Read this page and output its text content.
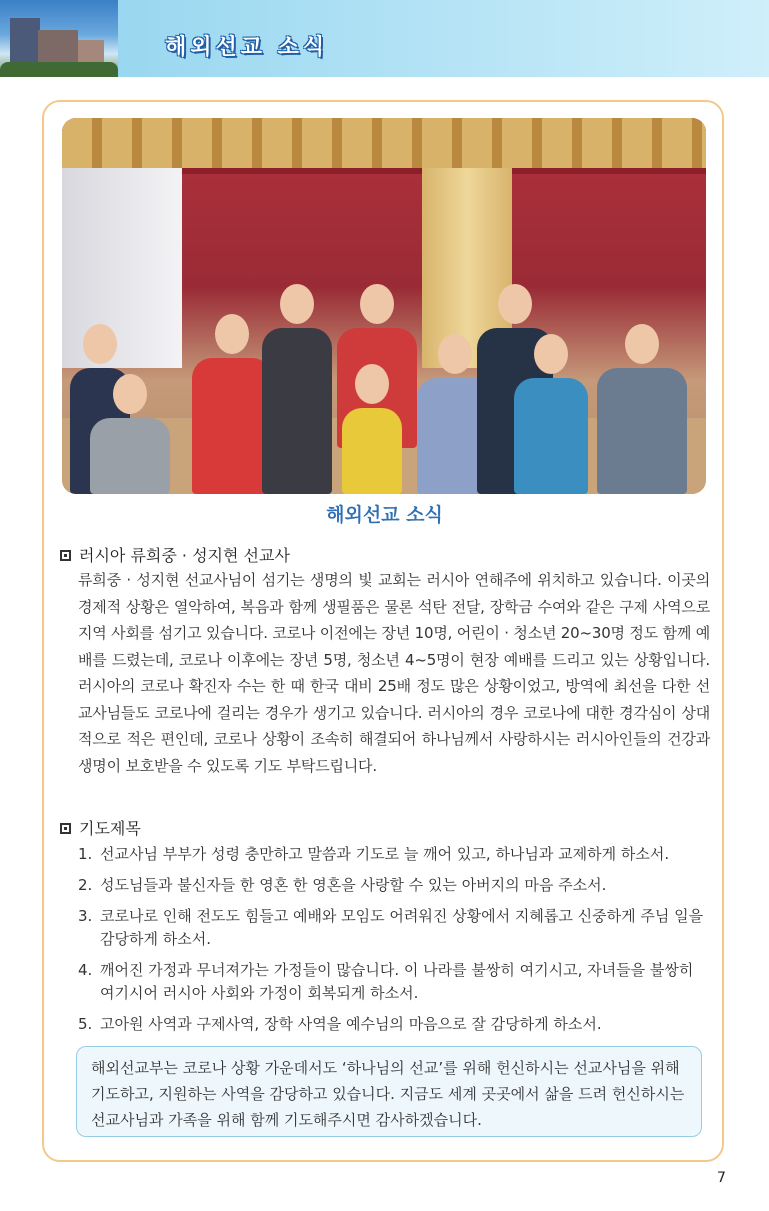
해외선교 소식
해외선교 소식
러시아 류희중 · 성지현 선교사
류희중 · 성지현 선교사님이 섬기는 생명의 빛 교회는 러시아 연해주에 위치하고 있습니다. 이곳의 경제적 상황은 열악하여, 복음과 함께 생필품은 물론 석탄 전달, 장학금 수여와 같은 구제 사역으로 지역 사회를 섬기고 있습니다. 코로나 이전에는 장년 10명, 어린이 · 청소년 20~30명 정도 함께 예배를 드렸는데, 코로나 이후에는 장년 5명, 청소년 4~5명이 현장 예배를 드리고 있는 상황입니다. 러시아의 코로나 확진자 수는 한 때 한국 대비 25배 정도 많은 상황이었고, 방역에 최선을 다한 선교사님들도 코로나에 걸리는 경우가 생기고 있습니다. 러시아의 경우 코로나에 대한 경각심이 상대적으로 적은 편인데, 코로나 상황이 조속히 해결되어 하나님께서 사랑하시는 러시아인들의 건강과 생명이 보호받을 수 있도록 기도 부탁드립니다.
기도제목
1. 선교사님 부부가 성령 충만하고 말씀과 기도로 늘 깨어 있고, 하나님과 교제하게 하소서.
2. 성도님들과 불신자들 한 영혼 한 영혼을 사랑할 수 있는 아버지의 마음 주소서.
3. 코로나로 인해 전도도 힘들고 예배와 모임도 어려워진 상황에서 지혜롭고 신중하게 주님 일을 감당하게 하소서.
4. 깨어진 가정과 무너져가는 가정들이 많습니다. 이 나라를 불쌍히 여기시고, 자녀들을 불쌍히 여기시어 러시아 사회와 가정이 회복되게 하소서.
5. 고아원 사역과 구제사역, 장학 사역을 예수님의 마음으로 잘 감당하게 하소서.
해외선교부는 코로나 상황 가운데서도 ‘하나님의 선교’를 위해 헌신하시는 선교사님을 위해 기도하고, 지원하는 사역을 감당하고 있습니다. 지금도 세계 곳곳에서 삶을 드려 헌신하시는 선교사님과 가족을 위해 함께 기도해주시면 감사하겠습니다.
7
